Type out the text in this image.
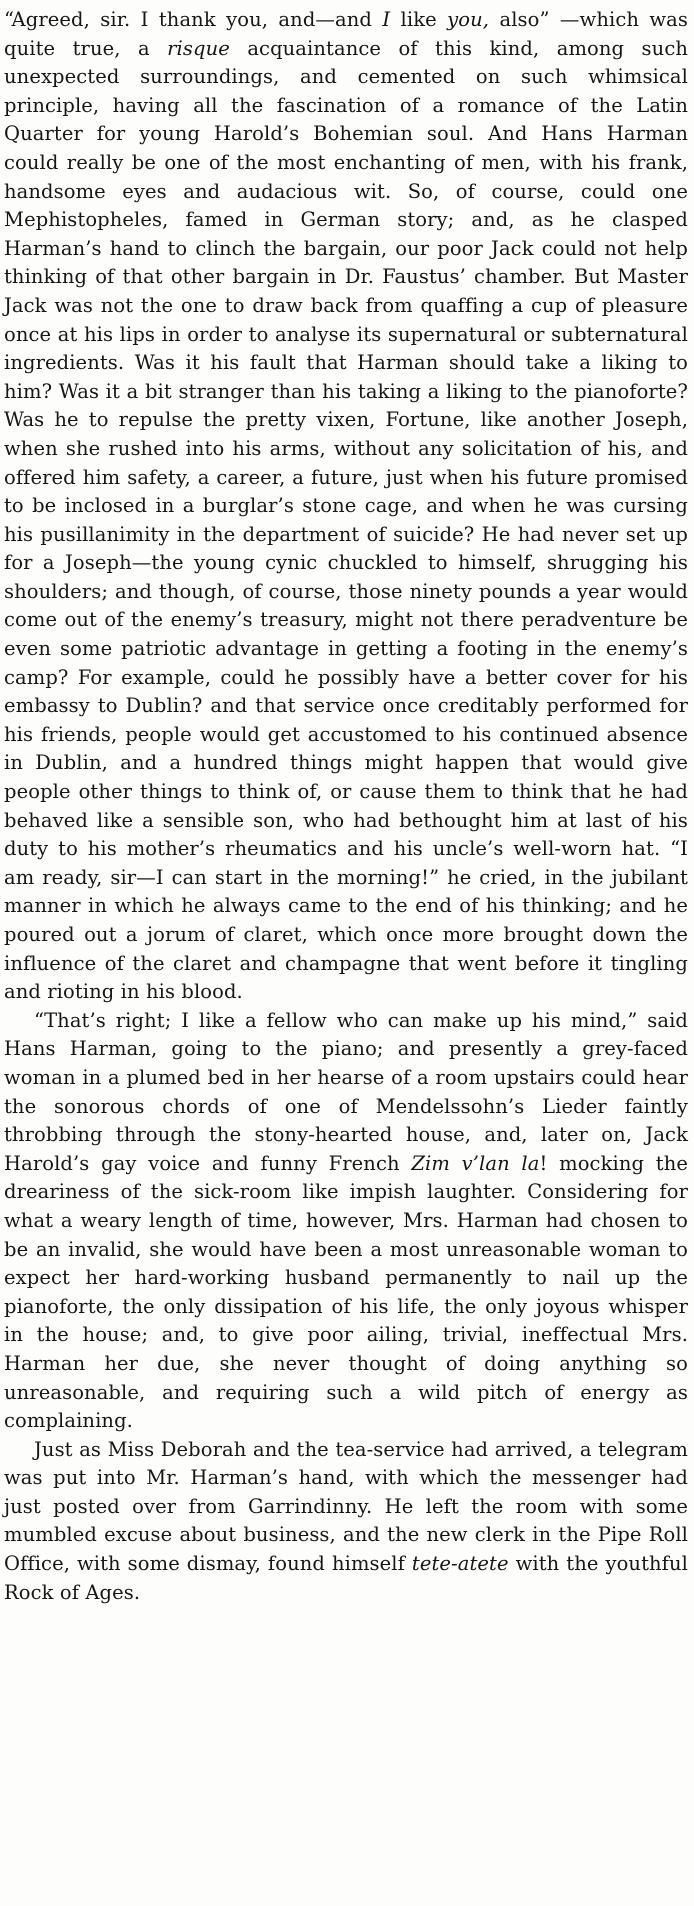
“Agreed, sir. I thank you, and—and I like you, also” —which was quite true, a risque acquaintance of this kind, among such unexpected surroundings, and cemented on such whimsical principle, having all the fascination of a romance of the Latin Quarter for young Harold’s Bohemian soul. And Hans Harman could really be one of the most enchanting of men, with his frank, handsome eyes and audacious wit. So, of course, could one Mephistopheles, famed in German story; and, as he clasped Harman’s hand to clinch the bargain, our poor Jack could not help thinking of that other bargain in Dr. Faustus’ chamber. But Master Jack was not the one to draw back from quaffing a cup of pleasure once at his lips in order to analyse its supernatural or subternatural ingredients. Was it his fault that Harman should take a liking to him? Was it a bit stranger than his taking a liking to the pianoforte? Was he to repulse the pretty vixen, Fortune, like another Joseph, when she rushed into his arms, without any solicitation of his, and offered him safety, a career, a future, just when his future promised to be inclosed in a burglar’s stone cage, and when he was cursing his pusillanimity in the department of suicide? He had never set up for a Joseph—the young cynic chuckled to himself, shrugging his shoulders; and though, of course, those ninety pounds a year would come out of the enemy’s treasury, might not there peradventure be even some patriotic advantage in getting a footing in the enemy’s camp? For example, could he possibly have a better cover for his embassy to Dublin? and that service once creditably performed for his friends, people would get accustomed to his continued absence in Dublin, and a hundred things might happen that would give people other things to think of, or cause them to think that he had behaved like a sensible son, who had bethought him at last of his duty to his mother’s rheumatics and his uncle’s well-worn hat. “I am ready, sir—I can start in the morning!” he cried, in the jubilant manner in which he always came to the end of his thinking; and he poured out a jorum of claret, which once more brought down the influence of the claret and champagne that went before it tingling and rioting in his blood.

“That’s right; I like a fellow who can make up his mind,” said Hans Harman, going to the piano; and presently a grey-faced woman in a plumed bed in her hearse of a room upstairs could hear the sonorous chords of one of Mendelssohn’s Lieder faintly throbbing through the stony-hearted house, and, later on, Jack Harold’s gay voice and funny French Zim v’lan la! mocking the dreariness of the sick-room like impish laughter. Considering for what a weary length of time, however, Mrs. Harman had chosen to be an invalid, she would have been a most unreasonable woman to expect her hard-working husband permanently to nail up the pianoforte, the only dissipation of his life, the only joyous whisper in the house; and, to give poor ailing, trivial, ineffectual Mrs. Harman her due, she never thought of doing anything so unreasonable, and requiring such a wild pitch of energy as complaining.

Just as Miss Deborah and the tea-service had arrived, a telegram was put into Mr. Harman’s hand, with which the messenger had just posted over from Garrindinny. He left the room with some mumbled excuse about business, and the new clerk in the Pipe Roll Office, with some dismay, found himself tete-atete with the youthful Rock of Ages.
